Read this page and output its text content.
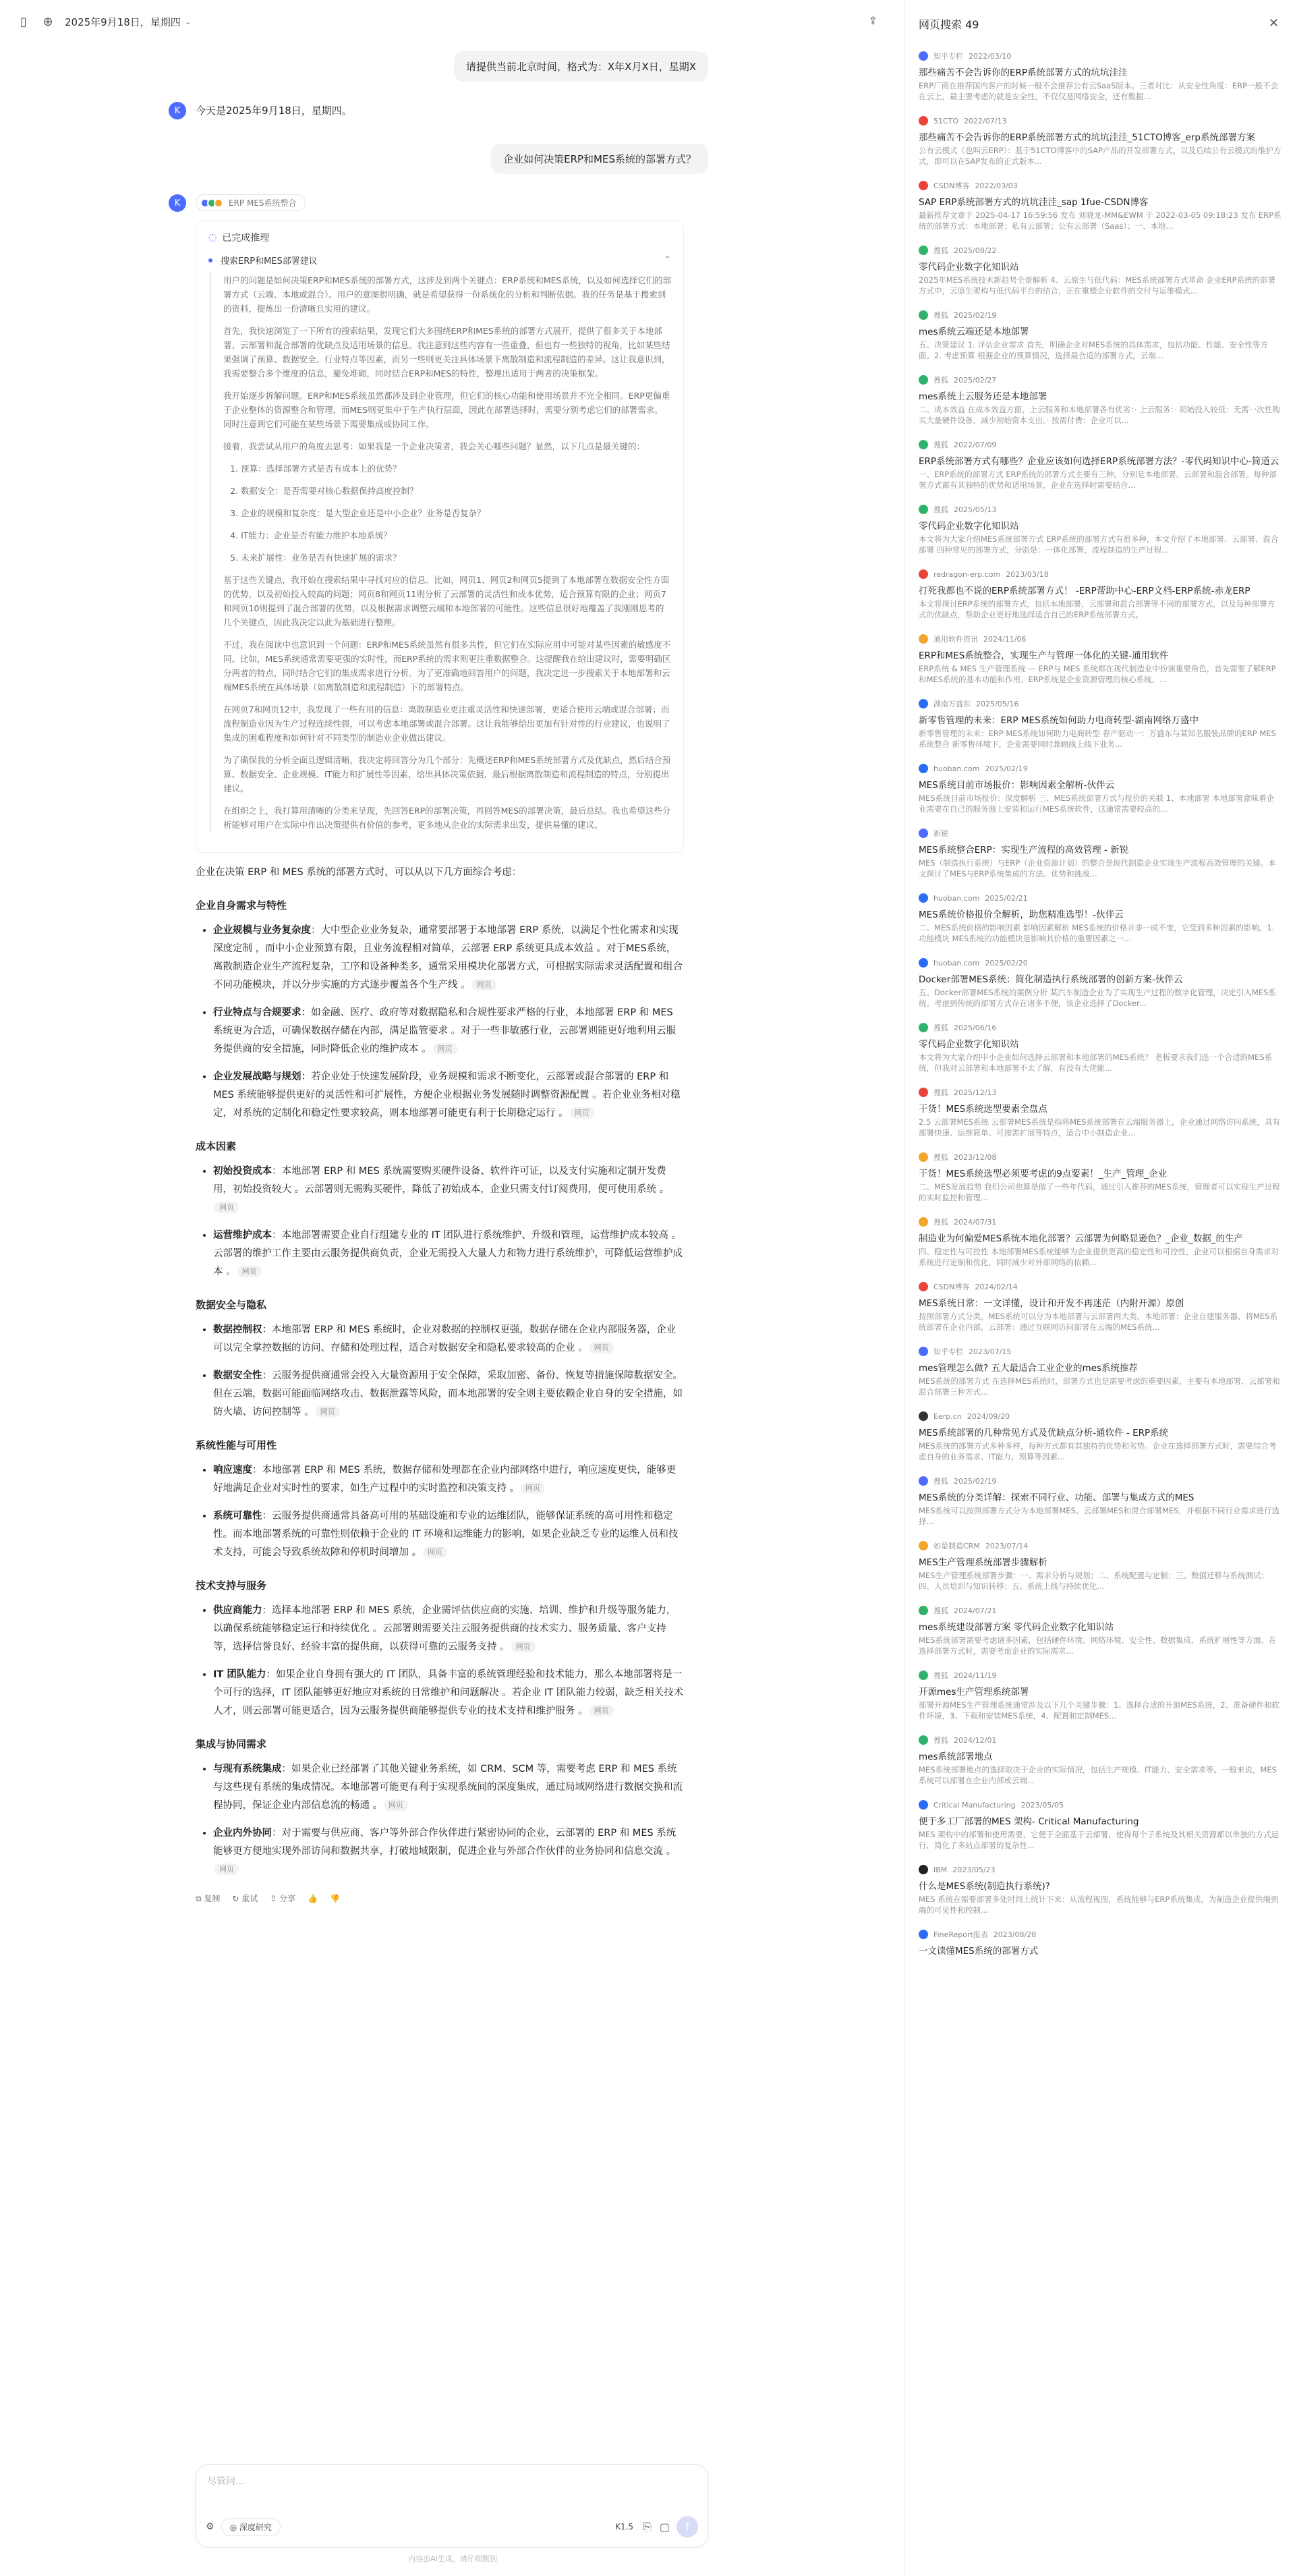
▯	⊕ 2025年9月18日，星期四 ⌄	⇪
请提供当前北京时间，格式为：X年X月X日，星期X
K	今天是2025年9月18日，星期四。
企业如何决策ERP和MES系统的部署方式？
K	ERP MES系统整合
◌ 已完成推理
搜索ERP和MES部署建议	⌃

用户的问题是如何决策ERP和MES系统的部署方式，这涉及到两个关键点：ERP系统和MES系统，以及如何选择它们的部署方式（云端、本地或混合）。用户的意图很明确，就是希望获得一份系统化的分析和判断依据。我的任务是基于搜索到的资料，提炼出一份清晰且实用的建议。

首先，我快速浏览了一下所有的搜索结果，发现它们大多围绕ERP和MES系统的部署方式展开，提供了很多关于本地部署、云部署和混合部署的优缺点及适用场景的信息。我注意到这些内容有一些重叠，但也有一些独特的视角，比如某些结果强调了预算、数据安全、行业特点等因素，而另一些则更关注具体场景下离散制造和流程制造的差异。这让我意识到，我需要整合多个维度的信息，避免堆砌，同时结合ERP和MES的特性，整理出适用于两者的决策框架。

我开始逐步拆解问题。ERP和MES系统虽然都涉及到企业管理，但它们的核心功能和使用场景并不完全相同。ERP更偏重于企业整体的资源整合和管理，而MES则更集中于生产执行层面，因此在部署选择时，需要分别考虑它们的部署需求。同时注意到它们可能在某些场景下需要集成或协同工作。

接着，我尝试从用户的角度去思考：如果我是一个企业决策者，我会关心哪些问题？显然，以下几点是最关键的：

1. 预算：选择部署方式是否有成本上的优势？
2. 数据安全：是否需要对核心数据保持高度控制？
3. 企业的规模和复杂度：是大型企业还是中小企业？业务是否复杂？
4. IT能力：企业是否有能力维护本地系统？
5. 未来扩展性：业务是否有快速扩展的需求？

基于这些关键点，我开始在搜索结果中寻找对应的信息。比如，网页1、网页2和网页5提到了本地部署在数据安全性方面的优势，以及初始投入较高的问题；网页8和网页11则分析了云部署的灵活性和成本优势，适合预算有限的企业；网页7和网页10则提到了混合部署的优势，以及根据需求调整云端和本地部署的可能性。这些信息很好地覆盖了我刚刚思考的几个关键点，因此我决定以此为基础进行整理。

不过，我在阅读中也意识到一个问题：ERP和MES系统虽然有很多共性，但它们在实际应用中可能对某些因素的敏感度不同。比如，MES系统通常需要更强的实时性，而ERP系统的需求则更注重数据整合。这提醒我在给出建议时，需要明确区分两者的特点，同时结合它们的集成需求进行分析。为了更准确地回答用户的问题，我决定进一步搜索关于本地部署和云端MES系统在具体场景（如离散制造和流程制造）下的部署特点。

在网页7和网页12中，我发现了一些有用的信息：离散制造业更注重灵活性和快速部署，更适合使用云端或混合部署；而流程制造业因为生产过程连续性强，可以考虑本地部署或混合部署。这让我能够给出更加有针对性的行业建议，也说明了集成的困难程度和如何针对不同类型的制造业企业做出建议。

为了确保我的分析全面且逻辑清晰，我决定将回答分为几个部分：先概述ERP和MES系统部署方式及优缺点，然后结合预算、数据安全、企业规模、IT能力和扩展性等因素，给出具体决策依据，最后根据离散制造和流程制造的特点，分别提出建议。

在组织之上，我打算用清晰的分类来呈现，先回答ERP的部署决策，再回答MES的部署决策，最后总结。我也希望这些分析能够对用户在实际中作出决策提供有价值的参考，更多地从企业的实际需求出发，提供易懂的建议。

企业在决策 ERP 和 MES 系统的部署方式时，可以从以下几方面综合考虑：
企业自身需求与特性
• 企业规模与业务复杂度：大中型企业业务复杂，通常要部署于本地部署 ERP 系统，以满足个性化需求和实现深度定制 ，而中小企业预算有限，且业务流程相对简单，云部署 ERP 系统更具成本效益 。对于MES系统，离散制造企业生产流程复杂，工序和设备种类多，通常采用模块化部署方式，可根据实际需求灵活配置和组合不同功能模块，并以分步实施的方式逐步覆盖各个生产线 。 网页
• 行业特点与合规要求：如金融、医疗、政府等对数据隐私和合规性要求严格的行业，本地部署 ERP 和 MES 系统更为合适，可确保数据存储在内部，满足监管要求 。对于一些非敏感行业，云部署则能更好地利用云服务提供商的安全措施，同时降低企业的维护成本 。 网页
• 企业发展战略与规划：若企业处于快速发展阶段，业务规模和需求不断变化，云部署或混合部署的 ERP 和 MES 系统能够提供更好的灵活性和可扩展性，方便企业根据业务发展随时调整资源配置 。若企业业务相对稳定，对系统的定制化和稳定性要求较高，则本地部署可能更有利于长期稳定运行 。 网页
成本因素
• 初始投资成本：本地部署 ERP 和 MES 系统需要购买硬件设备、软件许可证，以及支付实施和定制开发费用，初始投资较大 。云部署则无需购买硬件，降低了初始成本，企业只需支付订阅费用，便可使用系统 。网页
• 运营维护成本：本地部署需要企业自行组建专业的 IT 团队进行系统维护、升级和管理，运营维护成本较高 。云部署的维护工作主要由云服务提供商负责，企业无需投入大量人力和物力进行系统维护，可降低运营维护成本 。 网页
数据安全与隐私
• 数据控制权：本地部署 ERP 和 MES 系统时，企业对数据的控制权更强，数据存储在企业内部服务器，企业可以完全掌控数据的访问、存储和处理过程，适合对数据安全和隐私要求较高的企业 。 网页
• 数据安全性：云服务提供商通常会投入大量资源用于安全保障，采取加密、备份、恢复等措施保障数据安全。但在云端，数据可能面临网络攻击、数据泄露等风险，而本地部署的安全则主要依赖企业自身的安全措施，如防火墙、访问控制等 。 网页
系统性能与可用性
• 响应速度：本地部署 ERP 和 MES 系统，数据存储和处理都在企业内部网络中进行，响应速度更快，能够更好地满足企业对实时性的要求，如生产过程中的实时监控和决策支持 。 网页
• 系统可靠性：云服务提供商通常具备高可用的基础设施和专业的运维团队，能够保证系统的高可用性和稳定性。而本地部署系统的可靠性则依赖于企业的 IT 环境和运维能力的影响，如果企业缺乏专业的运维人员和技术支持，可能会导致系统故障和停机时间增加 。 网页
技术支持与服务
• 供应商能力：选择本地部署 ERP 和 MES 系统，企业需评估供应商的实施、培训、维护和升级等服务能力，以确保系统能够稳定运行和持续优化 。云部署则需要关注云服务提供商的技术实力、服务质量、客户支持等，选择信誉良好、经验丰富的提供商，以获得可靠的云服务支持 。 网页
• IT 团队能力：如果企业自身拥有强大的 IT 团队，具备丰富的系统管理经验和技术能力，那么本地部署将是一个可行的选择，IT 团队能够更好地应对系统的日常维护和问题解决 。若企业 IT 团队能力较弱，缺乏相关技术人才，则云部署可能更适合，因为云服务提供商能够提供专业的技术支持和维护服务 。 网页
集成与协同需求
• 与现有系统集成：如果企业已经部署了其他关键业务系统，如 CRM、SCM 等，需要考虑 ERP 和 MES 系统与这些现有系统的集成情况。本地部署可能更有利于实现系统间的深度集成，通过局域网络进行数据交换和流程协同，保证企业内部信息流的畅通 。 网页
• 企业内外协同：对于需要与供应商、客户等外部合作伙伴进行紧密协同的企业，云部署的 ERP 和 MES 系统能够更方便地实现外部访问和数据共享，打破地域限制，促进企业与外部合作伙伴的业务协同和信息交流 。网页
⧉ 复制 ↻ 重试 ⇪ 分享 👍 👎
尽管问...
⚙	◎ 深度研究	K1.5 ⎘ ▢	↑
内容由AI生成，请仔细甄别
网页搜索 49	✕
知乎专栏 2022/03/10
那些痛苦不会告诉你的ERP系统部署方式的坑坑洼洼
ERP厂商在推荐国内客户的时候一般不会推荐公有云SaaS版本。三者对比：从安全性角度：ERP一般不会在云上，最主要考虑的就是安全性，不仅仅是网络安全，还有数据...
51CTO 2022/07/13
那些痛苦不会告诉你的ERP系统部署方式的坑坑洼洼_51CTO博客_erp系统部署方案
公有云模式（也叫云ERP）：基于51CTO博客中的SAP产品的开发部署方式。以及后续公有云模式的维护方式，即可以在SAP发布的正式版本...
CSDN博客 2022/03/03
SAP ERP系统部署方式的坑坑洼洼_sap 1fue-CSDN博客
最新推荐文章于 2025-04-17 16:59:56 发布 刘晓龙-MM&EWM 于 2022-03-05 09:18:23 发布 ERP系统的部署方式：本地部署；私有云部署；公有云部署（Saas）；一、本地...
搜狐 2025/08/22
零代码企业数字化知识站
2025年MES系统技术新趋势全景解析 4、云原生与低代码：MES系统部署方式革命 企业ERP系统的部署方式中，云原生架构与低代码平台的结合，正在重塑企业软件的交付与运维模式...
搜狐 2025/02/19
mes系统云端还是本地部署
五、决策建议 1. 评估企业需求 首先，明确企业对MES系统的具体需求，包括功能、性能、安全性等方面。2. 考虑预算 根据企业的预算情况，选择最合适的部署方式。云端...
搜狐 2025/02/27
mes系统上云服务还是本地部署
二、成本效益 在成本效益方面，上云服务和本地部署各有优劣：· 上云服务：· 初始投入较低：无需一次性购买大量硬件设备，减少初始资本支出。· 按需付费：企业可以...
搜狐 2022/07/09
ERP系统部署方式有哪些？企业应该如何选择ERP系统部署方法？-零代码知识中心-简道云
一、ERP系统的部署方式 ERP系统的部署方式主要有三种，分别是本地部署、云部署和混合部署。每种部署方式都有其独特的优势和适用场景，企业在选择时需要结合...
搜狐 2025/05/13
零代码企业数字化知识站
本文将为大家介绍MES系统部署方式 ERP系统的部署方式有很多种，本文介绍了本地部署、云部署、混合部署 四种常见的部署方式，分别是：一体化部署，流程制造的生产过程...
redragon-erp.com 2023/03/18
打死我都也不说的ERP系统部署方式！ -ERP帮助中心-ERP文档-ERP系统-赤龙ERP
本文将探讨ERP系统的部署方式，包括本地部署、云部署和混合部署等不同的部署方式，以及每种部署方式的优缺点，帮助企业更好地选择适合自己的ERP系统部署方式。
通用软件资讯 2024/11/06
ERP和MES系统整合，实现生产与管理一体化的关键-通用软件
ERP系统 & MES 生产管理系统 — ERP与 MES 系统都在现代制造业中扮演重要角色，首先需要了解ERP和MES系统的基本功能和作用。ERP系统是企业资源管理的核心系统，...
湖南万盛东 2025/05/16
新零售管理的未来：ERP MES系统如何助力电商转型-湖南网络万盛中
新零售管理的未来：ERP MES系统如何助力电商转型 春产驱动一：万盛东与某知名服装品牌的ERP MES系统整合 新零售环境下，企业需要同时兼顾线上线下业务...
huoban.com 2025/02/19
MES系统目前市场报价：影响因素全解析-伙伴云
MES系统目前市场报价：深度解析 三、MES系统部署方式与报价的关联 1、本地部署 本地部署意味着企业需要在自己的服务器上安装和运行MES系统软件，这通常需要较高的...
新锐
MES系统整合ERP：实现生产流程的高效管理 - 新锐
MES（制造执行系统）与ERP（企业资源计划）的整合是现代制造企业实现生产流程高效管理的关键。本文探讨了MES与ERP系统集成的方法、优势和挑战...
huoban.com 2025/02/21
MES系统价格报价全解析，助您精准选型！-伙伴云
二、MES系统价格的影响因素 影响因素解析 MES系统的价格并非一成不变，它受到多种因素的影响。1. 功能模块 MES系统的功能模块是影响其价格的重要因素之一...
huoban.com 2025/02/20
Docker部署MES系统：简化制造执行系统部署的创新方案-伙伴云
五、Docker部署MES系统的案例分析 某汽车制造企业为了实现生产过程的数字化管理，决定引入MES系统。考虑到传统的部署方式存在诸多不便，该企业选择了Docker...
搜狐 2025/06/16
零代码企业数字化知识站
本文将为大家介绍中小企业如何选择云部署和本地部署的MES系统？ 老板要求我们选一个合适的MES系统，但我对云部署和本地部署不太了解，有没有大佬能...
搜狐 2025/12/13
干货！MES系统选型要素全盘点
2.5 云部署MES系统 云部署MES系统是指将MES系统部署在云端服务器上，企业通过网络访问系统，具有部署快速、运维简单、可按需扩展等特点，适合中小制造企业...
搜狐 2023/12/08
干货！MES系统选型必须要考虑的9点要素！_生产_管理_企业
二、MES发展趋势 我们公司也算是做了一些年代码，通过引入推荐的MES系统，管理者可以实现生产过程的实时监控和管理...
搜狐 2024/07/31
制造业为何偏爱MES系统本地化部署？云部署为何略显逊色？_企业_数据_的生产
四、稳定性与可控性 本地部署MES系统能够为企业提供更高的稳定性和可控性，企业可以根据自身需求对系统进行定制和优化，同时减少对外部网络的依赖...
CSDN博客 2024/02/14
MES系统日常：一文详懂，设计和开发不再迷茫（内附开源）原创
按照部署方式分类，MES系统可以分为本地部署与云部署两大类，本地部署：企业自建服务器，将MES系统部署在企业内部，云部署：通过互联网访问部署在云端的MES系统...
知乎专栏 2023/07/15
mes管理怎么做? 五大最适合工业企业的mes系统推荐
MES系统的部署方式 在选择MES系统时，部署方式也是需要考虑的重要因素，主要有本地部署、云部署和混合部署三种方式...
Eerp.cn 2024/09/20
MES系统部署的几种常见方式及优缺点分析-通软件 - ERP系统
MES系统的部署方式多种多样，每种方式都有其独特的优势和劣势。企业在选择部署方式时，需要综合考虑自身的业务需求、IT能力、预算等因素...
搜狐 2025/02/19
MES系统的分类详解：探索不同行业、功能、部署与集成方式的MES
MES系统可以按照部署方式分为本地部署MES、云部署MES和混合部署MES，并根据不同行业需求进行选择...
如是制造CRM 2023/07/14
MES生产管理系统部署步骤解析
MES生产管理系统部署步骤：一、需求分析与规划；二、系统配置与定制；三、数据迁移与系统测试；四、人员培训与知识转移；五、系统上线与持续优化...
搜狐 2024/07/21
mes系统建设部署方案 零代码企业数字化知识站
MES系统部署需要考虑诸多因素，包括硬件环境、网络环境、安全性、数据集成、系统扩展性等方面。在选择部署方式时，需要考虑企业的实际需求...
搜狐 2024/11/19
开源mes生产管理系统部署
部署开源MES生产管理系统通常涉及以下几个关键步骤：1、选择合适的开源MES系统，2、准备硬件和软件环境，3、下载和安装MES系统，4、配置和定制MES...
搜狐 2024/12/01
mes系统部署地点
MES系统部署地点的选择取决于企业的实际情况，包括生产规模、IT能力、安全需求等。一般来说，MES系统可以部署在企业内部或云端...
Critical Manufacturing 2023/05/05
便于多工厂部署的MES 架构- Critical Manufacturing
MES 架构中的部署和使用需要，它便于全面基于云部署，使得每个子系统及其相关资源都以单独的方式运行，简化了多站点部署的复杂性...
IBM 2023/05/23
什么是MES系统(制造执行系统)?
MES 系统在需要部署多处时间上统计下来：从流程视图，系统能够与ERP系统集成，为制造企业提供端到端的可见性和控制...
FineReport报表 2023/08/28
一文读懂MES系统的部署方式
